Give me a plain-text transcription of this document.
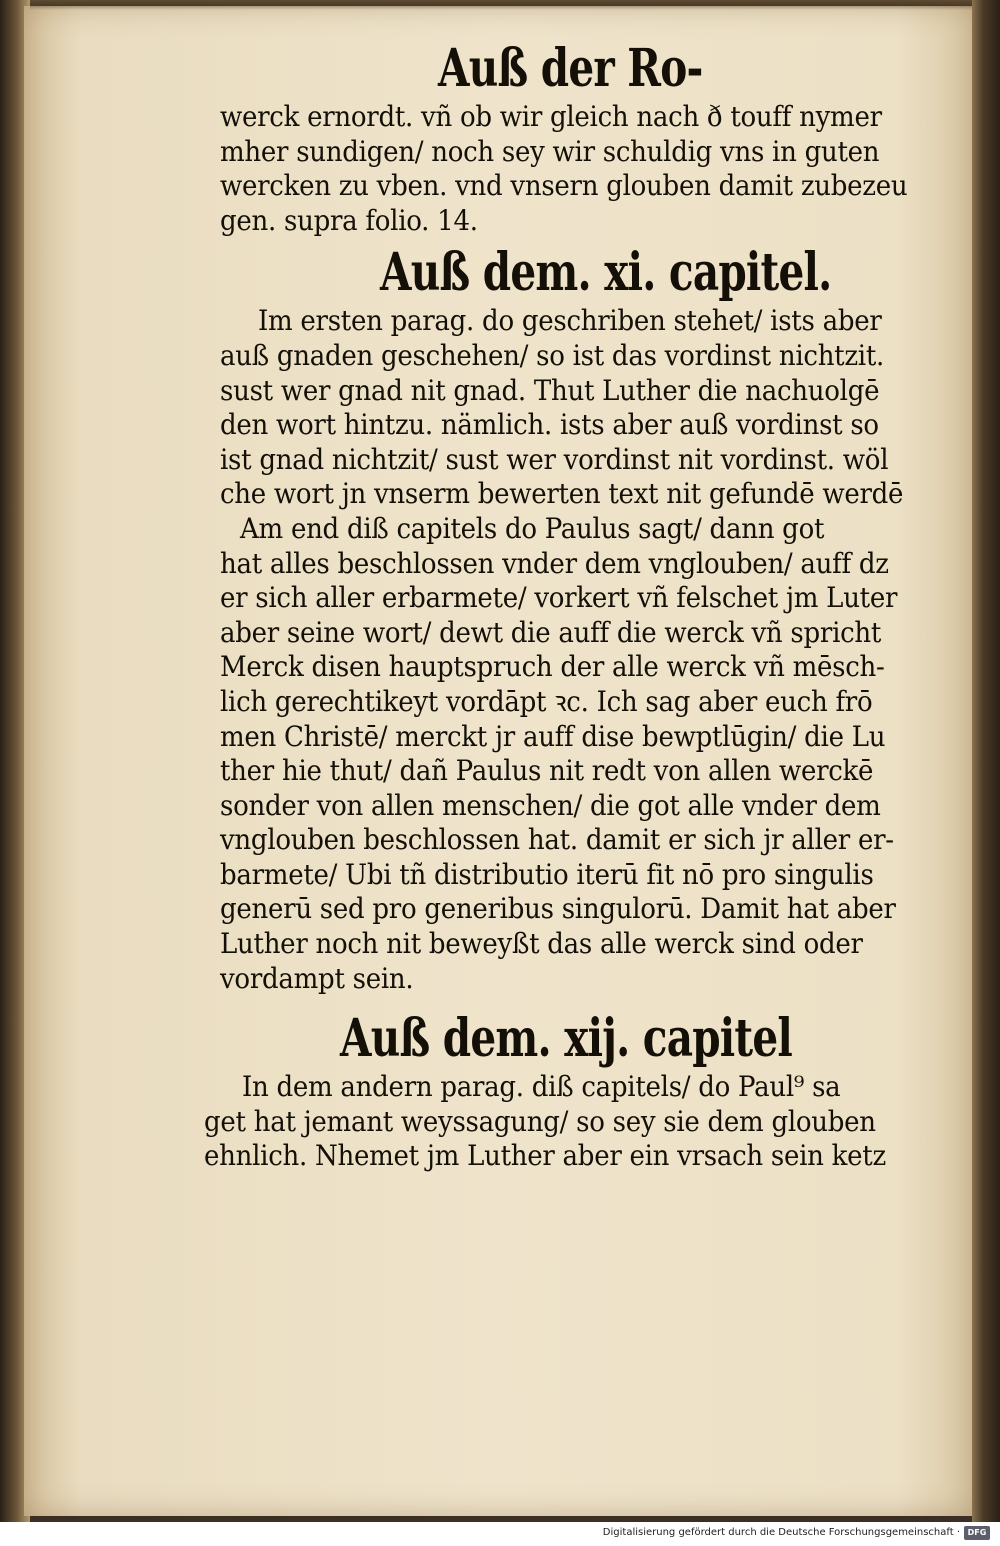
Auß der Ro-
werck ernordt. vñ ob wir gleich nach ð touff nymer
mher sundigen/ noch sey wir schuldig vns in guten
wercken zu vben. vnd vnsern glouben damit zubezeu
gen. supra folio. 14.
Auß dem. xi. capitel.
Im ersten parag. do geschriben stehet/ ists aber
auß gnaden geschehen/ so ist das vordinst nichtzit.
sust wer gnad nit gnad. Thut Luther die nachuolgē
den wort hintzu. nämlich. ists aber auß vordinst so
ist gnad nichtzit/ sust wer vordinst nit vordinst. wöl
che wort jn vnserm bewerten text nit gefundē werdē
Am end diß capitels do Paulus sagt/ dann got
hat alles beschlossen vnder dem vnglouben/ auff dz
er sich aller erbarmete/ vorkert vñ felschet jm Luter
aber seine wort/ dewt die auff die werck vñ spricht
Merck disen hauptspruch der alle werck vñ mēsch-
lich gerechtikeyt vordāpt ꝛc. Ich sag aber euch frō
men Christē/ merckt jr auff dise bewptlūgin/ die Lu
ther hie thut/ dañ Paulus nit redt von allen werckē
sonder von allen menschen/ die got alle vnder dem
vnglouben beschlossen hat. damit er sich jr aller er-
barmete/ Ubi tñ distributio iterū fit nō pro singulis
generū sed pro generibus singulorū. Damit hat aber
Luther noch nit beweyßt das alle werck sind oder
vordampt sein.
Auß dem. xij. capitel
In dem andern parag. diß capitels/ do Paul⁹ sa
get hat jemant weyssagung/ so sey sie dem glouben
ehnlich. Nhemet jm Luther aber ein vrsach sein ketz
Digitalisierung gefördert durch die Deutsche Forschungsgemeinschaft · DFG
